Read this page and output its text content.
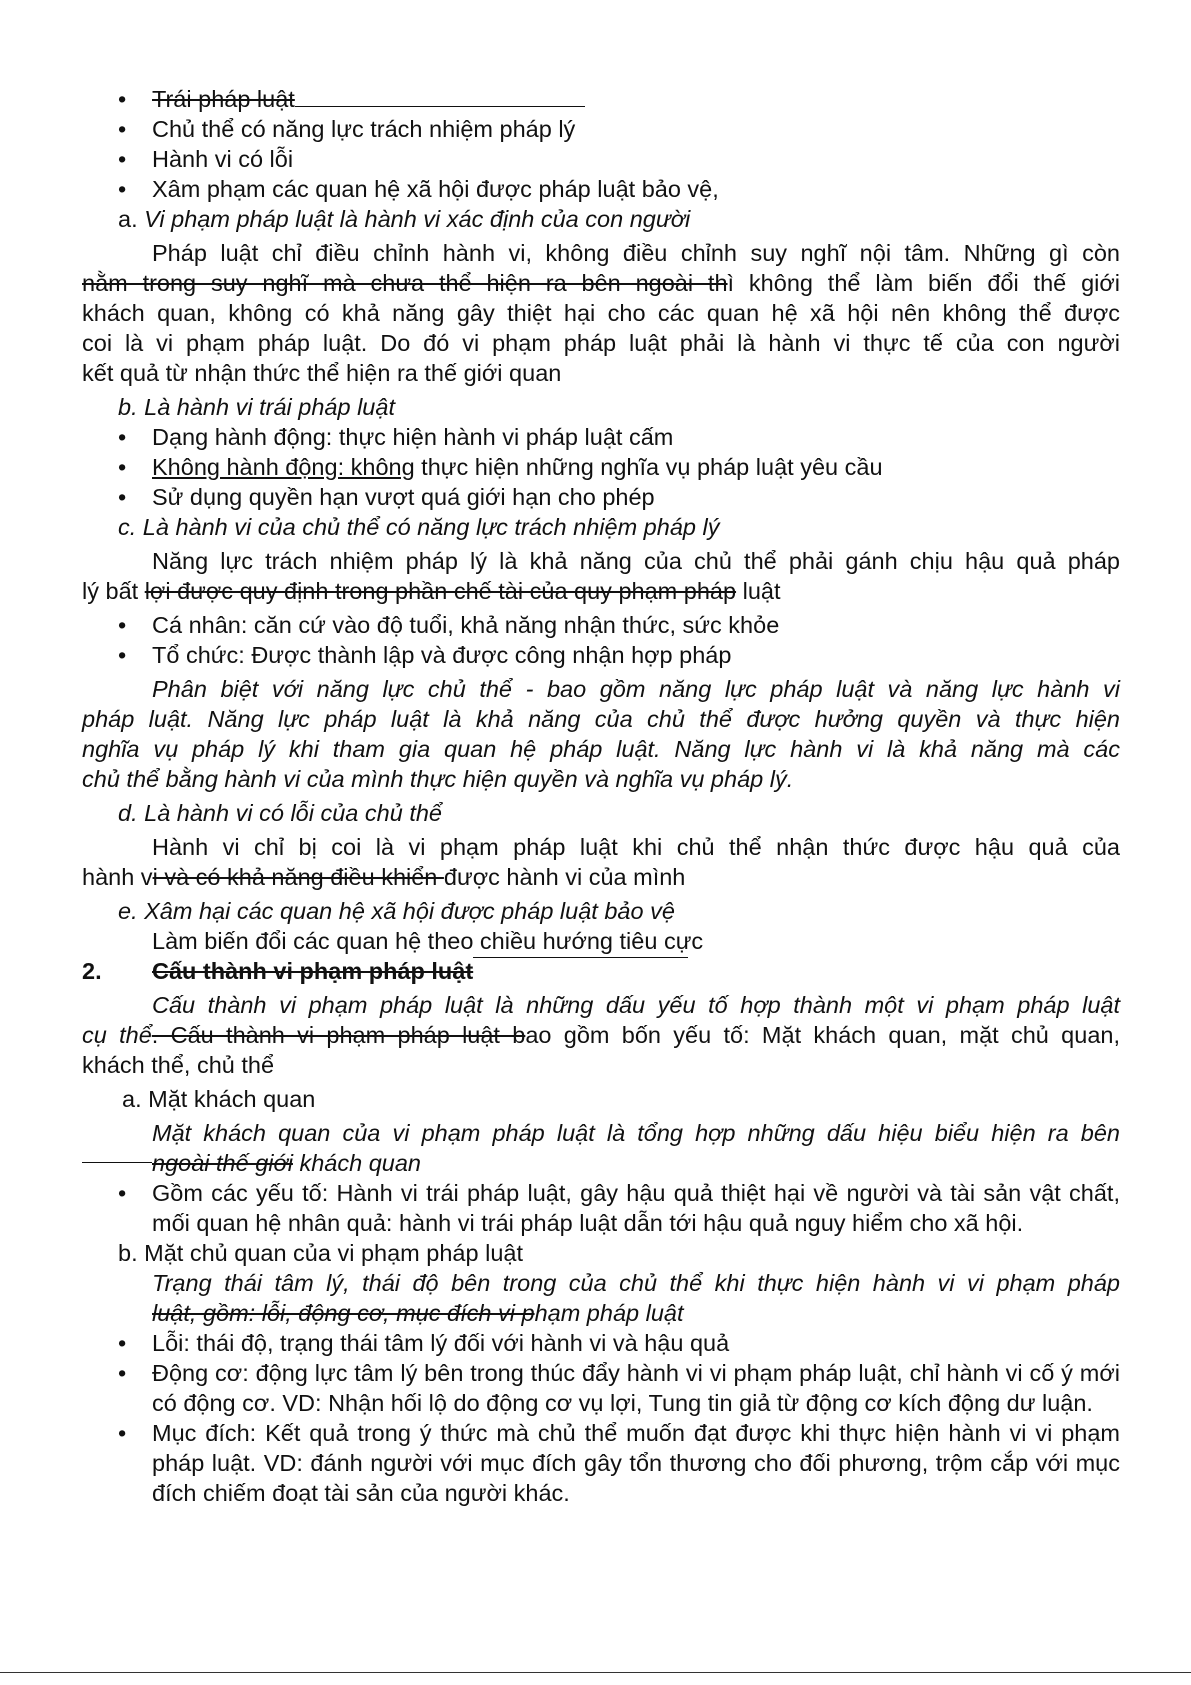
• Trái pháp luật
• Chủ thể có năng lực trách nhiệm pháp lý
• Hành vi có lỗi
• Xâm phạm các quan hệ xã hội được pháp luật bảo vệ,
a. Vi phạm pháp luật là hành vi xác định của con người
Pháp luật chỉ điều chỉnh hành vi, không điều chỉnh suy nghĩ nội tâm. Những gì còn
nằm trong suy nghĩ mà chưa thể hiện ra bên ngoài thì không thể làm biến đổi thế giới
khách quan, không có khả năng gây thiệt hại cho các quan hệ xã hội nên không thể được
coi là vi phạm pháp luật. Do đó vi phạm pháp luật phải là hành vi thực tế của con người
kết quả từ nhận thức thể hiện ra thế giới quan
b. Là hành vi trái pháp luật
• Dạng hành động: thực hiện hành vi pháp luật cấm
• Không hành động: không thực hiện những nghĩa vụ pháp luật yêu cầu
• Sử dụng quyền hạn vượt quá giới hạn cho phép
c. Là hành vi của chủ thể có năng lực trách nhiệm pháp lý
Năng lực trách nhiệm pháp lý là khả năng của chủ thể phải gánh chịu hậu quả pháp
lý bất lợi được quy định trong phần chế tài của quy phạm pháp luật
• Cá nhân: căn cứ vào độ tuổi, khả năng nhận thức, sức khỏe
• Tổ chức: Được thành lập và được công nhận hợp pháp
Phân biệt với năng lực chủ thể - bao gồm năng lực pháp luật và năng lực hành vi
pháp luật. Năng lực pháp luật là khả năng của chủ thể được hưởng quyền và thực hiện
nghĩa vụ pháp lý khi tham gia quan hệ pháp luật. Năng lực hành vi là khả năng mà các
chủ thể bằng hành vi của mình thực hiện quyền và nghĩa vụ pháp lý.
d. Là hành vi có lỗi của chủ thể
Hành vi chỉ bị coi là vi phạm pháp luật khi chủ thể nhận thức được hậu quả của
hành vi và có khả năng điều khiển được hành vi của mình
e. Xâm hại các quan hệ xã hội được pháp luật bảo vệ
Làm biến đổi các quan hệ theo chiều hướng tiêu cực
2.	Cấu thành vi phạm pháp luật
Cấu thành vi phạm pháp luật là những dấu yếu tố hợp thành một vi phạm pháp luật
cụ thể. Cấu thành vi phạm pháp luật bao gồm bốn yếu tố: Mặt khách quan, mặt chủ quan,
khách thể, chủ thể
a. Mặt khách quan
Mặt khách quan của vi phạm pháp luật là tổng hợp những dấu hiệu biểu hiện ra bên
ngoài thế giới khách quan
• Gồm các yếu tố: Hành vi trái pháp luật, gây hậu quả thiệt hại về người và tài sản vật chất, mối quan hệ nhân quả: hành vi trái pháp luật dẫn tới hậu quả nguy hiểm cho xã hội.
b. Mặt chủ quan của vi phạm pháp luật
Trạng thái tâm lý, thái độ bên trong của chủ thể khi thực hiện hành vi vi phạm pháp
luật, gồm: lỗi, động cơ, mục đích vi phạm pháp luật
• Lỗi: thái độ, trạng thái tâm lý đối với hành vi và hậu quả
• Động cơ: động lực tâm lý bên trong thúc đẩy hành vi vi phạm pháp luật, chỉ hành vi cố ý mới có động cơ. VD: Nhận hối lộ do động cơ vụ lợi, Tung tin giả từ động cơ kích động dư luận.
• Mục đích: Kết quả trong ý thức mà chủ thể muốn đạt được khi thực hiện hành vi vi phạm pháp luật. VD: đánh người với mục đích gây tổn thương cho đối phương, trộm cắp với mục đích chiếm đoạt tài sản của người khác.
